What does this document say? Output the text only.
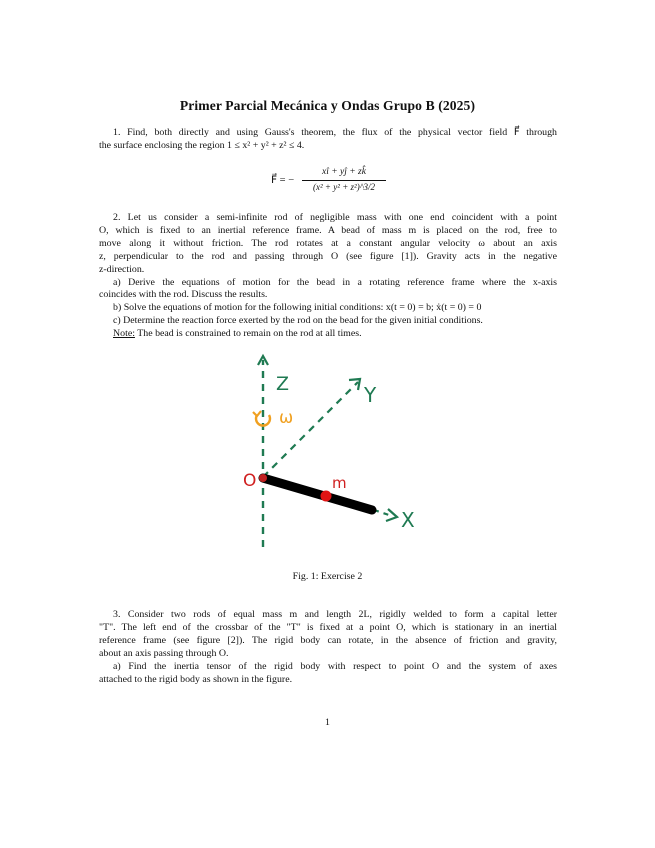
Primer Parcial Mecánica y Ondas Grupo B (2025)
1. Find, both directly and using Gauss's theorem, the flux of the physical vector field F⃗ through
the surface enclosing the region 1 ≤ x² + y² + z² ≤ 4.
F⃗ = −
xî + yĵ + zk̂
(x² + y² + z²)^3/2
2. Let us consider a semi-infinite rod of negligible mass with one end coincident with a point
O, which is fixed to an inertial reference frame. A bead of mass m is placed on the rod, free to
move along it without friction. The rod rotates at a constant angular velocity ω about an axis
z, perpendicular to the rod and passing through O (see figure [1]). Gravity acts in the negative
z-direction.
a) Derive the equations of motion for the bead in a rotating reference frame where the x-axis
coincides with the rod. Discuss the results.
b) Solve the equations of motion for the following initial conditions: x(t = 0) = b; ẋ(t = 0) = 0
c) Determine the reaction force exerted by the rod on the bead for the given initial conditions.
Note: The bead is constrained to remain on the rod at all times.
Z	Y
X
O	m
ω
Fig. 1: Exercise 2
3. Consider two rods of equal mass m and length 2L, rigidly welded to form a capital letter
"T". The left end of the crossbar of the "T" is fixed at a point O, which is stationary in an inertial
reference frame (see figure [2]). The rigid body can rotate, in the absence of friction and gravity,
about an axis passing through O.
a) Find the inertia tensor of the rigid body with respect to point O and the system of axes
attached to the rigid body as shown in the figure.
1
